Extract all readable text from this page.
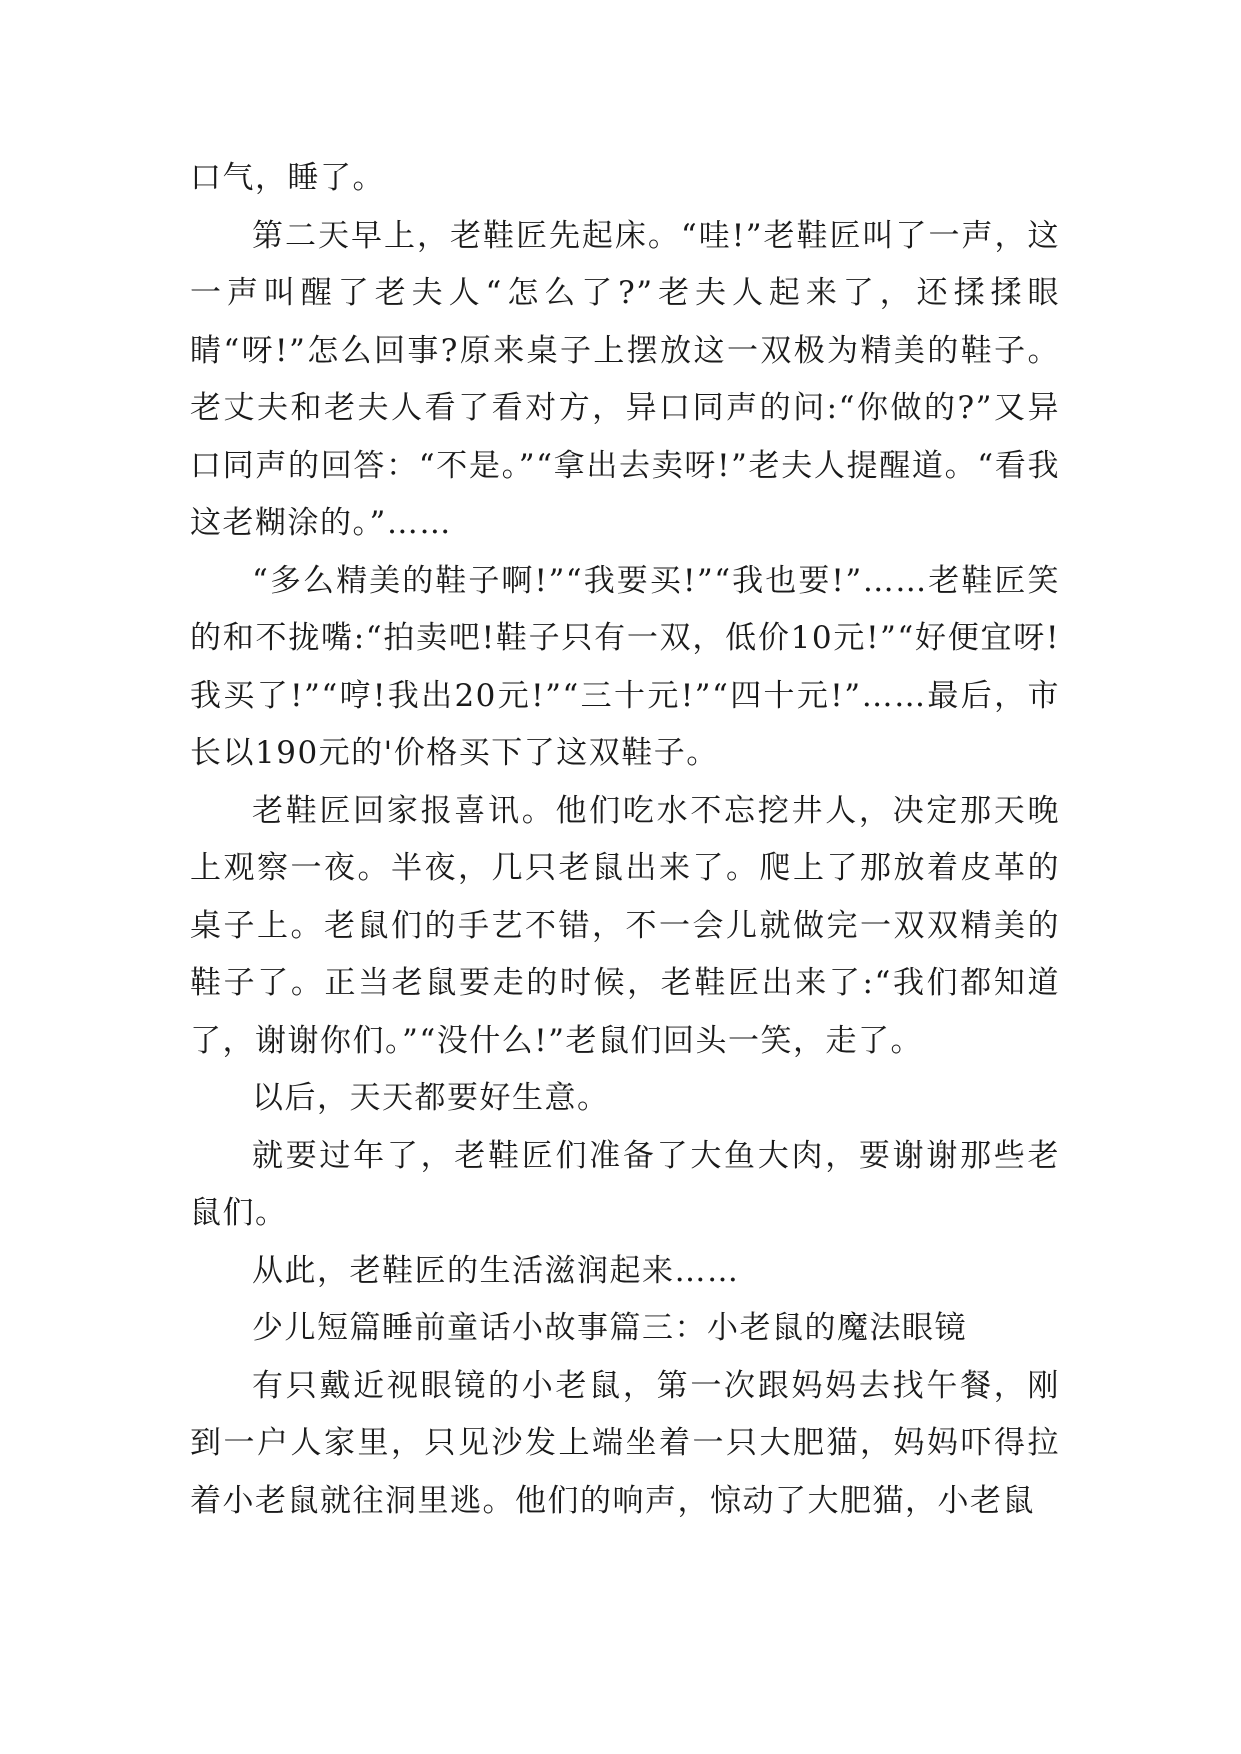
口气，睡了。

第二天早上，老鞋匠先起床。“哇!”老鞋匠叫了一声，这一声叫醒了老夫人“怎么了?”老夫人起来了，还揉揉眼睛“呀!”怎么回事?原来桌子上摆放这一双极为精美的鞋子。老丈夫和老夫人看了看对方，异口同声的问:“你做的?”又异口同声的回答：“不是。”“拿出去卖呀!”老夫人提醒道。“看我这老糊涂的。”……

“多么精美的鞋子啊!”“我要买!”“我也要!”……老鞋匠笑的和不拢嘴:“拍卖吧!鞋子只有一双，低价10元!”“好便宜呀!我买了!”“哼!我出20元!”“三十元!”“四十元!”……最后，市长以190元的'价格买下了这双鞋子。

老鞋匠回家报喜讯。他们吃水不忘挖井人，决定那天晚上观察一夜。半夜，几只老鼠出来了。爬上了那放着皮革的桌子上。老鼠们的手艺不错，不一会儿就做完一双双精美的鞋子了。正当老鼠要走的时候，老鞋匠出来了:“我们都知道了，谢谢你们。”“没什么!”老鼠们回头一笑，走了。

以后，天天都要好生意。

就要过年了，老鞋匠们准备了大鱼大肉，要谢谢那些老鼠们。

从此，老鞋匠的生活滋润起来……

少儿短篇睡前童话小故事篇三：小老鼠的魔法眼镜

有只戴近视眼镜的小老鼠，第一次跟妈妈去找午餐，刚到一户人家里，只见沙发上端坐着一只大肥猫，妈妈吓得拉着小老鼠就往洞里逃。他们的响声，惊动了大肥猫，小老鼠
